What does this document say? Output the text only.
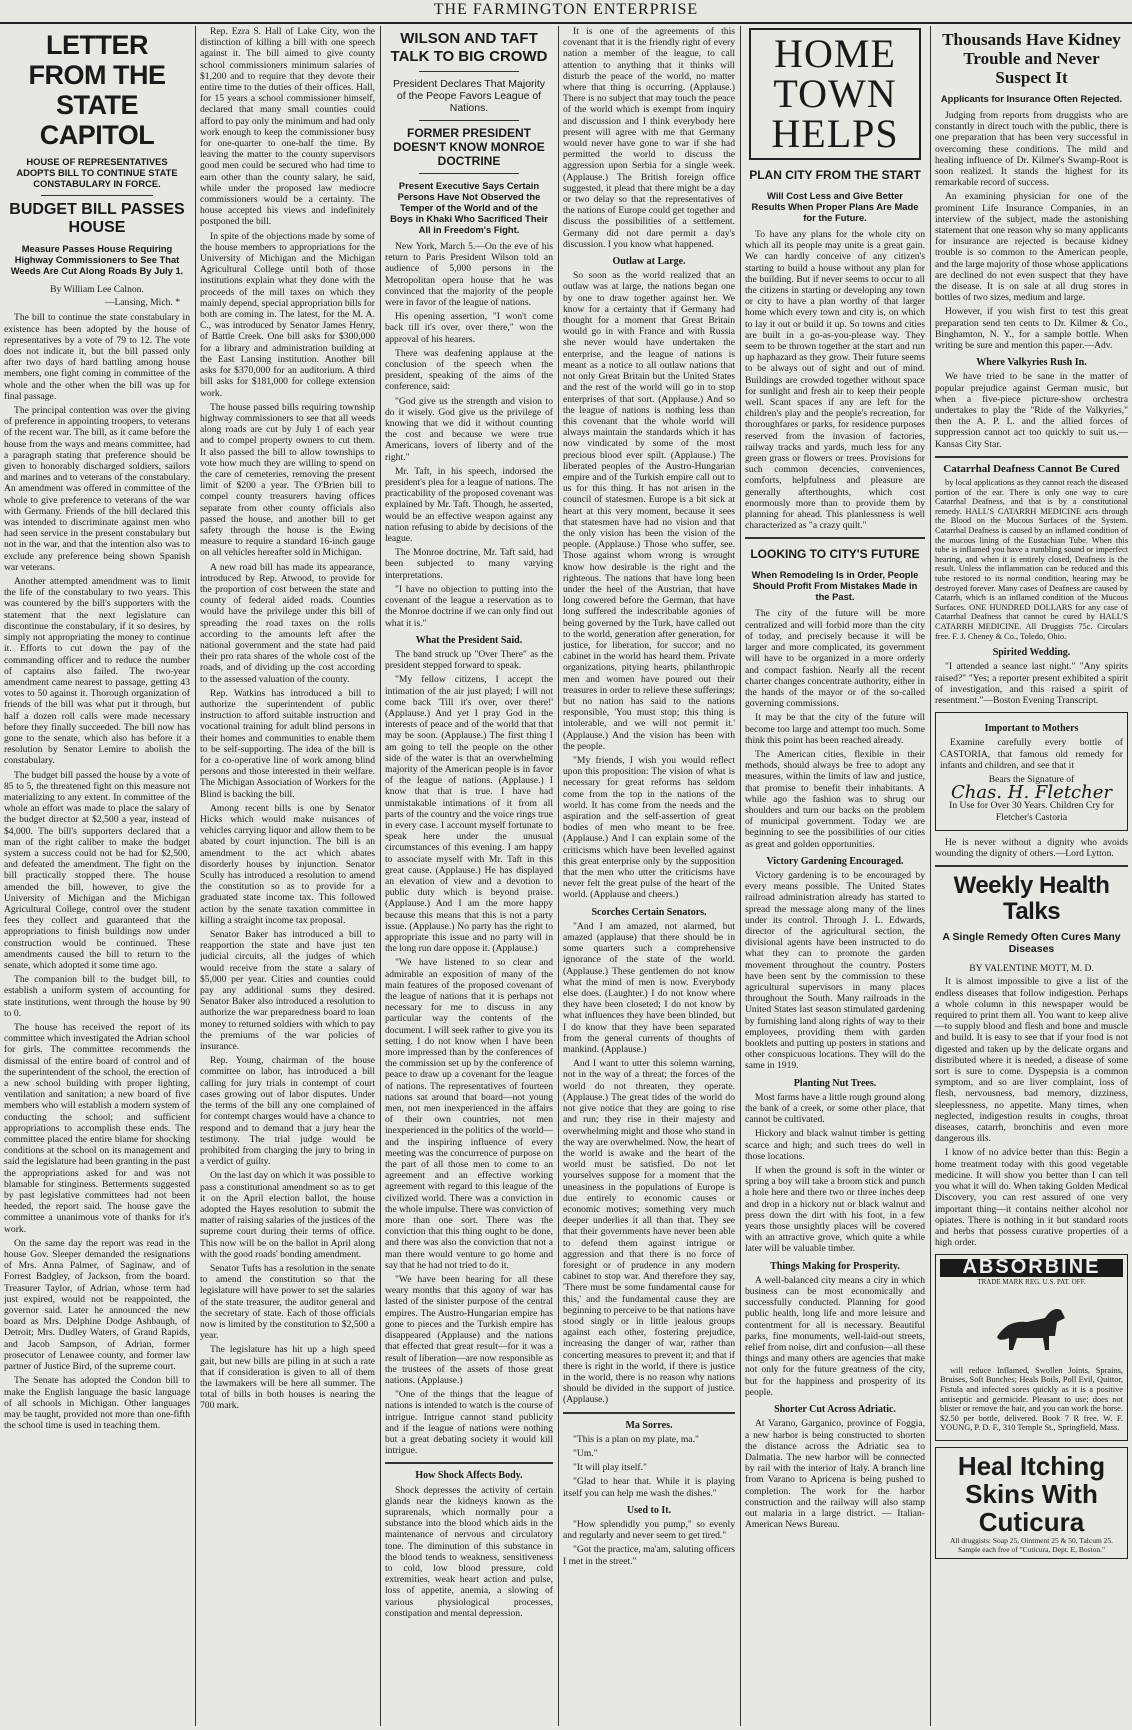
THE FARMINGTON ENTERPRISE
LETTER FROM THE STATE CAPITOL
HOUSE OF REPRESENTATIVES ADOPTS BILL TO CONTINUE STATE CONSTABULARY IN FORCE.
BUDGET BILL PASSES HOUSE
Measure Passes House Requiring Highway Commissioners to See That Weeds Are Cut Along Roads By July 1.
By William Lee Calnon.
—Lansing, Mich. *

The bill to continue the state constabulary in existence has been adopted by the house of representatives by a vote of 79 to 12. The vote does not indicate it, but the bill passed only after two days of hard battling among house members, one fight coming in committee of the whole and the other when the bill was up for final passage.

The principal contention was over the giving of preference in appointing troopers, to veterans of the recent war. The bill, as it came before the house from the ways and means committee, had a paragraph stating that preference should be given to honorably discharged soldiers, sailors and marines and to veterans of the constabulary. An amendment was offered in committee of the whole to give preference to veterans of the war with Germany. Friends of the bill declared this was intended to discriminate against men who had seen service in the present constabulary but not in the war, and that the intention also was to exclude any preference being shown Spanish war veterans.

Another attempted amendment was to limit the life of the constabulary to two years. This was countered by the bill's supporters with the statement that the next legislature can discontinue the constabulary, if it so desires, by simply not appropriating the money to continue it. Efforts to cut down the pay of the commanding officer and to reduce the number of captains also failed. The two-year amendment came nearest to passage, getting 43 votes to 50 against it. Thorough organization of friends of the bill was what put it through, but half a dozen roll calls were made necessary before they finally succeeded. The bill now has gone to the senate, which also has before it a resolution by Senator Lemire to abolish the constabulary.

The budget bill passed the house by a vote of 85 to 5, the threatened fight on this measure not materializing to any extent. In committee of the whole an effort was made to place the salary of the budget director at $2,500 a year, instead of $4,000. The bill's supporters declared that a man of the right caliber to make the budget system a success could not be had for $2,500, and defeated the amendment. The fight on the bill practically stopped there. The house amended the bill, however, to give the University of Michigan and the Michigan Agricultural College, control over the student fees they collect and guaranteed that the appropriations to finish buildings now under construction would be continued. These amendments caused the bill to return to the senate, which adopted it some time ago.

The companion bill to the budget bill, to establish a uniform system of accounting for state institutions, went through the house by 90 to 0.

The house has received the report of its committee which investigated the Adrian school for girls. The committee recommends the dismissal of the entire board of control and of the superintendent of the school, the erection of a new school building with proper lighting, ventilation and sanitation; a new board of five members who will establish a modern system of conducting the school; and sufficient appropriations to accomplish these ends. The committee placed the entire blame for shocking conditions at the school on its management and said the legislature had been granting in the past the appropriations asked for and was not blamable for stinginess. Betterments suggested by past legislative committees had not been heeded, the report said. The house gave the committee a unanimous vote of thanks for it's work.

On the same day the report was read in the house Gov. Sleeper demanded the resignations of Mrs. Anna Palmer, of Saginaw, and of Forrest Badgley, of Jackson, from the board. Treasurer Taylor, of Adrian, whose term had just expired, would not be reappointed, the governor said. Later he announced the new board as Mrs. Delphine Dodge Ashbaugh, of Detroit; Mrs. Dudley Waters, of Grand Rapids, and Jacob Sampson, of Adrian, former prosecutor of Lenawee county, and former law partner of Justice Bird, of the supreme court.

The Senate has adopted the Condon bill to make the English language the basic language of all schools in Michigan. Other languages may be taught, provided not more than one-fifth the school time is used in teaching them.

Rep. Ezra S. Hall of Lake City, won the distinction of killing a bill with one speech against it. The bill aimed to give county school commissioners minimum salaries of $1,200 and to require that they devote their entire time to the duties of their offices. Hall, for 15 years a school commissioner himself, declared that many small counties could afford to pay only the minimum and had only work enough to keep the commissioner busy for one-quarter to one-half the time. By leaving the matter to the county supervisors good men could be secured who had time to earn other than the county salary, he said, while under the proposed law mediocre commissioners would be a certainty. The house accepted his views and indefinitely postponed the bill.

In spite of the objections made by some of the house members to appropriations for the University of Michigan and the Michigan Agricultural College until both of those institutions explain what they done with the proceeds of the mill taxes on which they mainly depend, special appropriation bills for both are coming in. The latest, for the M. A. C., was introduced by Senator James Henry, of Battle Creek. One bill asks for $300,000 for a library and administration building at the East Lansing institution. Another bill asks for $370,000 for an auditorium. A third bill asks for $181,000 for college extension work.

The house passed bills requiring township highway commissioners to see that all weeds along roads are cut by July 1 of each year and to compel property owners to cut them. It also passed the bill to allow townships to vote how much they are willing to spend on the care of cemeteries, removing the present limit of $200 a year. The O'Brien bill to compel county treasurers having offices separate from other county officials also passed the house, and another bill to get safety through the house is the Ewing measure to require a standard 16-inch gauge on all vehicles hereafter sold in Michigan.

A new road bill has made its appearance, introduced by Rep. Atwood, to provide for the proportion of cost between the state and county of federal aided roads. Counties would have the privilege under this bill of spreading the road taxes on the rolls according to the amounts left after the national government and the state had paid their pro rata shares of the whole cost of the roads, and of dividing up the cost according to the assessed valuation of the county.

Rep. Watkins has introduced a bill to authorize the superintendent of public instruction to afford suitable instruction and vocational training for adult blind persons in their homes and communities to enable them to be self-supporting. The idea of the bill is for a co-operative line of work among blind persons and those interested in their welfare. The Michigan Association of Workers for the Blind is backing the bill.

Among recent bills is one by Senator Hicks which would make nuisances of vehicles carrying liquor and allow them to be abated by court injunction. The bill is an amendment to the act which abates disorderly houses by injunction. Senator Scully has introduced a resolution to amend the constitution so as to provide for a graduated state income tax. This followed action by the senate taxation committee in killing a straight income tax proposal.

Senator Baker has introduced a bill to reapportion the state and have just ten judicial circuits, all the judges of which would receive from the state a salary of $5,000 per year. Cities and counties could pay any additional sums they desired. Senator Baker also introduced a resolution to authorize the war preparedness board to loan money to returned soldiers with which to pay the premiums of the war policies of insurance.

Rep. Young, chairman of the house committee on labor, has introduced a bill calling for jury trials in contempt of court cases growing out of labor disputes. Under the terms of the bill any one complained of for contempt charges would have a chance to respond and to demand that a jury hear the testimony. The trial judge would be prohibited from charging the jury to bring in a verdict of guilty.

On the last day on which it was possible to pass a constitutional amendment so as to get it on the April election ballot, the house adopted the Hayes resolution to submit the matter of raising salaries of the justices of the supreme court during their terms of office. This now will be on the ballot in April along with the good roads' bonding amendment.

Senator Tufts has a resolution in the senate to amend the constitution so that the legislature will have power to set the salaries of the state treasurer, the auditor general and the secretary of state. Each of those officials now is limited by the constitution to $2,500 a year.

The legislature has hit up a high speed gait, but new bills are piling in at such a rate that if consideration is given to all of them the lawmakers will be here all summer. The total of bills in both houses is nearing the 700 mark.

WILSON AND TAFT TALK TO BIG CROWD
President Declares That Majority of the Peope Favors League of Nations.
FORMER PRESIDENT DOESN'T KNOW MONROE DOCTRINE
Present Executive Says Certain Persons Have Not Observed the Temper of the World and of the Boys in Khaki Who Sacrificed Their All in Freedom's Fight.

New York, March 5.—On the eve of his return to Paris President Wilson told an audience of 5,000 persons in the Metropolitan opera house that he was convinced that the majority of the people were in favor of the league of nations.

His opening assertion, "I won't come back till it's over, over there," won the approval of his hearers.

There was deafening applause at the conclusion of the speech when the president, speaking of the aims of the conference, said:

"God give us the strength and vision to do it wisely. God give us the privilege of knowing that we did it without counting the cost and because we were true Americans, lovers of liberty and of the right."

Mr. Taft, in his speech, indorsed the president's plea for a league of nations. The practicability of the proposed covenant was explained by Mr. Taft. Though, he asserted, would be an effective weapon against any nation refusing to abide by decisions of the league.

The Monroe doctrine, Mr. Taft said, had been subjected to many varying interpretations.

"I have no objection to putting into the covenant of the league a reservation as to the Monroe doctrine if we can only find out what it is."

What the President Said.

The band struck up "Over There" as the president stepped forward to speak.

"My fellow citizens, I accept the intimation of the air just played; I will not come back 'Till it's over, over there!' (Applause.) And yet I pray God in the interests of peace and of the world that that may be soon. (Applause.) The first thing I am going to tell the people on the other side of the water is that an overwhelming majority of the American people is in favor of the league of nations. (Applause.) I know that that is true. I have had unmistakable intimations of it from all parts of the country and the voice rings true in every case. I account myself fortunate to speak here under the unusual circumstances of this evening. I am happy to associate myself with Mr. Taft in this great cause. (Applause.) He has displayed an elevation of view and a devotion to public duty which is beyond praise. (Applause.) And I am the more happy because this means that this is not a party issue. (Applause.) No party has the right to appropriate this issue and no party will in the long run dare oppose it. (Applause.)

"We have listened to so clear and admirable an exposition of many of the main features of the proposed covenant of the league of nations that it is perhaps not necessary for me to discuss in any particular way the contents of the document. I will seek rather to give you its setting. I do not know when I have been more impressed than by the conferences of the commission set up by the conference of peace to draw up a covenant for the league of nations. The representatives of fourteen nations sat around that board—not young men, not men inexperienced in the affairs of their own countries, not men inexperienced in the politics of the world—and the inspiring influence of every meeting was the concurrence of purpose on the part of all those men to come to an agreement and an effective working agreement with regard to this league of the civilized world. There was a conviction in the whole impulse. There was conviction of more than one sort. There was the conviction that this thing ought to be done, and there was also the conviction that not a man there would venture to go home and say that he had not tried to do it.

"We have been hearing for all these weary months that this agony of war has lasted of the sinister purpose of the central empires. The Austro-Hungarian empire has gone to pieces and the Turkish empire has disappeared (Applause) and the nations that effected that great result—for it was a result of liberation—are now responsible as the trustees of the assets of those great nations. (Applause.)

"One of the things that the league of nations is intended to watch is the course of intrigue. Intrigue cannot stand publicity and if the league of nations were nothing but a great debating society it would kill intrigue.

How Shock Affects Body.

Shock depresses the activity of certain glands near the kidneys known as the suprarenals, which normally pour a substance into the blood which aids in the maintenance of nervous and circulatory tone. The diminution of this substance in the blood tends to weakness, sensitiveness to cold, low blood pressure, cold extremities, weak heart action and pulse, loss of appetite, anemia, a slowing of various physiological processes, constipation and mental depression.

It is one of the agreements of this covenant that it is the friendly right of every nation a member of the league, to call attention to anything that it thinks will disturb the peace of the world, no matter where that thing is occurring. (Applause.) There is no subject that may touch the peace of the world which is exempt from inquiry and discussion and I think everybody here present will agree with me that Germany would never have gone to war if she had permitted the world to discuss the aggression upon Serbia for a single week. (Applause.) The British foreign office suggested, it plead that there might be a day or two delay so that the representatives of the nations of Europe could get together and discuss the possibilities of a settlement. Germany did not dare permit a day's discussion. I you know what happened.

Outlaw at Large.

So soon as the world realized that an outlaw was at large, the nations began one by one to draw together against her. We know for a certainty that if Germany had thought for a moment that Great Britain would go in with France and with Russia she never would have undertaken the enterprise, and the league of nations is meant as a notice to all outlaw nations that not only Great Britain but the United States and the rest of the world will go in to stop enterprises of that sort. (Applause.) And so the league of nations is nothing less than this covenant that the whole world will always maintain the standards which it has now vindicated by some of the most precious blood ever spilt. (Applause.) The liberated peoples of the Austro-Hungarian empire and of the Turkish empire call out to us for this thing. It has not arisen in the council of statesmen. Europe is a bit sick at heart at this very moment, because it sees that statesmen have had no vision and that the only vision has been the vision of the people. (Applause.) Those who suffer, see. Those against whom wrong is wrought know how desirable is the right and the righteous. The nations that have long been under the heel of the Austrian, that have long cowered before the German, that have long suffered the indescribable agonies of being governed by the Turk, have called out to the world, generation after generation, for justice, for liberation, for succor; and no cabinet in the world has heard them. Private organizations, pitying hearts, philanthropic men and women have poured out their treasures in order to relieve these sufferings; but no nation has said to the nations responsible, 'You must stop; this thing is intolerable, and we will not permit it.' (Applause.) And the vision has been with the people.

"My friends, I wish you would reflect upon this proposition: The vision of what is necessary for great reforms has seldom come from the top in the nations of the world. It has come from the needs and the aspiration and the self-assertion of great bodies of men who meant to be free. (Applause.) And I can explain some of the criticisms which have been levelled against this great enterprise only by the supposition that the men who utter the criticisms have never felt the great pulse of the heart of the world. (Applause and cheers.)

Scorches Certain Senators.

"And I am amazed, not alarmed, but amazed (applause) that there should be in some quarters such a comprehensive ignorance of the state of the world. (Applause.) These gentlemen do not know what the mind of men is now. Everybody else does. (Laughter.) I do not know where they have been closeted; I do not know by what influences they have been blinded, but I do know that they have been separated from the general currents of thoughts of mankind. (Applause.)

And I want to utter this solemn warning, not in the way of a threat; the forces of the world do not threaten, they operate. (Applause.) The great tides of the world do not give notice that they are going to rise and run; they rise in their majesty and overwhelming might and those who stand in the way are overwhelmed. Now, the heart of the world is awake and the heart of the world must be satisfied. Do not let yourselves suppose for a moment that the uneasiness in the populations of Europe is due entirely to economic causes or economic motives; something very much deeper underlies it all than that. They see that their governments have never been able to defend them against intrigue or aggression and that there is no force of foresight or of prudence in any modern cabinet to stop war. And therefore they say, 'There must be some fundamental cause for this,' and the fundamental cause they are beginning to perceive to be that nations have stood singly or in little jealous groups against each other, fostering prejudice, increasing the danger of war, rather than concerting measures to prevent it; and that if there is right in the world, if there is justice in the world, there is no reason why nations should be divided in the support of justice. (Applause.)

Ma Sorres.

"This is a plan on my plate, ma."

"Um."

"It will play itself."

"Glad to hear that. While it is playing itself you can help me wash the dishes."

Used to It.

"How splendidly you pump," so evenly and regularly and never seem to get tired."

"Got the practice, ma'am, saluting officers I met in the street."

HOME TOWN HELPS
PLAN CITY FROM THE START
Will Cost Less and Give Better Results When Proper Plans Are Made for the Future.

To have any plans for the whole city on which all its people may unite is a great gain. We can hardly conceive of any citizen's starting to build a house without any plan for the building. But if never seems to occur to all the citizens in starting or developing any town or city to have a plan worthy of that larger home which every town and city is, on which to lay it out or build it up. So towns and cities are built in a go-as-you-please way. They seem to be thrown together at the start and run up haphazard as they grow. Their future seems to be always out of sight and out of mind. Buildings are crowded together without space for sunlight and fresh air to keep their people well. Scant spaces if any are left for the children's play and the people's recreation, for thoroughfares or parks, for residence purposes reserved from the invasion of factories, railway tracks and yards, much less for any green grass or flowers or trees. Provisions for such common decencies, conveniences, comforts, helpfulness and pleasure are generally afterthoughts, which cost enormously more than to provide them by planning for ahead. This planlessness is well characterized as "a crazy quilt."

LOOKING TO CITY'S FUTURE
When Remodeling Is in Order, People Should Profit From Mistakes Made in the Past.

The city of the future will be more centralized and will forbid more than the city of today, and precisely because it will be larger and more complicated, its government will have to be organized in a more orderly and compact fashion. Nearly all the recent charter changes concentrate authority, either in the hands of the mayor or of the so-called governing commissions.

It may be that the city of the future will become too large and attempt too much. Some think this point has been reached already.

The American cities, flexible in their methods, should always be free to adopt any measures, within the limits of law and justice, that promise to benefit their inhabitants. A while ago the fashion was to shrug our shoulders and turn our backs on the problem of municipal government. Today we are beginning to see the possibilities of our cities as great and golden opportunities.

Victory Gardening Encouraged.

Victory gardening is to be encouraged by every means possible. The United States railroad administration already has started to spread the message along many of the lines under its control. Through J. L. Edwards, director of the agricultural section, the divisional agents have been instructed to do what they can to promote the garden movement throughout the country. Posters have been sent by the commission to these agricultural supervisors in many places throughout the South. Many railroads in the United States last season stimulated gardening by furnishing land along rights of way to their employees, providing them with garden booklets and putting up posters in stations and other conspicuous locations. They will do the same in 1919.

Planting Nut Trees.

Most farms have a little rough ground along the bank of a creek, or some other place, that cannot be cultivated.

Hickory and black walnut timber is getting scarce and high; and such trees do well in those locations.

If when the ground is soft in the winter or spring a boy will take a broom stick and punch a hole here and there two or three inches deep and drop in a hickory nut or black walnut and press down the dirt with his foot, in a few years those unsightly places will be covered with an attractive grove, which quite a while later will be valuable timber.

Things Making for Prosperity.

A well-balanced city means a city in which business can be most economically and successfully conducted. Planning for good public health, long life and more leisure and contentment for all is necessary. Beautiful parks, fine monuments, well-laid-out streets, relief from noise, dirt and confusion—all these things and many others are agencies that make not only for the future greatness of the city, but for the happiness and prosperity of its people.

Shorter Cut Across Adriatic.

At Varano, Garganico, province of Foggia, a new harbor is being constructed to shorten the distance across the Adriatic sea to Dalmatia. The new harbor will be connected by rail with the interior of Italy. A branch line from Varano to Apricena is being pushed to completion. The work for the harbor construction and the railway will also stamp out malaria in a large district. — Italian-American News Bureau.

Thousands Have Kidney Trouble and Never Suspect It
Applicants for Insurance Often Rejected.

Judging from reports from druggists who are constantly in direct touch with the public, there is one preparation that has been very successful in overcoming these conditions. The mild and healing influence of Dr. Kilmer's Swamp-Root is soon realized. It stands the highest for its remarkable record of success.

An examining physician for one of the prominent Life Insurance Companies, in an interview of the subject, made the astonishing statement that one reason why so many applicants for insurance are rejected is because kidney trouble is so common to the American people, and the large majority of those whose applications are declined do not even suspect that they have the disease. It is on sale at all drug stores in bottles of two sizes, medium and large.

However, if you wish first to test this great preparation send ten cents to Dr. Kilmer & Co., Binghamton, N. Y., for a sample bottle. When writing be sure and mention this paper.—Adv.

Where Valkyries Rush In.

We have tried to be sane in the matter of popular prejudice against German music, but when a five-piece picture-show orchestra undertakes to play the "Ride of the Valkyries," then the A. P. L. and the allied forces of suppression cannot act too quickly to suit us.—Kansas City Star.

Catarrhal Deafness Cannot Be Cured

by local applications as they cannot reach the diseased portion of the ear. There is only one way to cure Catarrhal Deafness, and that is by a constitutional remedy. HALL'S CATARRH MEDICINE acts through the Blood on the Mucous Surfaces of the System. Catarrhal Deafness is caused by an inflamed condition of the mucous lining of the Eustachian Tube. When this tube is inflamed you have a rumbling sound or imperfect hearing, and when it is entirely closed, Deafness is the result. Unless the inflammation can be reduced and this tube restored to its normal condition, hearing may be destroyed forever. Many cases of Deafness are caused by Catarrh, which is an inflamed condition of the Mucous Surfaces. ONE HUNDRED DOLLARS for any case of Catarrhal Deafness that cannot be cured by HALL'S CATARRH MEDICINE. All Druggists 75c. Circulars free. F. J. Cheney & Co., Toledo, Ohio.

Spirited Wedding.

"I attended a seance last night." "Any spirits raised?" "Yes; a reporter present exhibited a spirit of investigation, and this raised a spirit of resentment."—Boston Evening Transcript.

Important to Mothers

Examine carefully every bottle of CASTORIA, that famous old remedy for infants and children, and see that it

Bears the Signature of
Chas. H. Fletcher

In Use for Over 30 Years. Children Cry for Fletcher's Castoria

He is never without a dignity who avoids wounding the dignity of others.—Lord Lytton.

Weekly Health Talks
A Single Remedy Often Cures Many Diseases
BY VALENTINE MOTT, M. D.

It is almost impossible to give a list of the endless diseases that follow indigestion. Perhaps a whole column in this newspaper would be required to print them all. You want to keep alive—to supply blood and flesh and bone and muscle and build. It is easy to see that if your food is not digested and taken up by the delicate organs and distributed where it is needed, a disease of some sort is sure to come. Dyspepsia is a common symptom, and so are liver complaint, loss of flesh, nervousness, bad memory, dizziness, sleeplessness, no appetite. Many times, when neglected, indigestion results in coughs, throat diseases, catarrh, bronchitis and even more dangerous ills.

I know of no advice better than this: Begin a home treatment today with this good vegetable medicine. It will show you better than I can tell you what it will do. When taking Golden Medical Discovery, you can rest assured of one very important thing—it contains neither alcohol nor opiates. There is nothing in it but standard roots and herbs that possess curative properties of a high order.

ABSORBINE
TRADE MARK REG. U.S. PAT. OFF.

will reduce Inflamed, Swollen Joints, Sprains, Bruises, Soft Bunches; Heals Boils, Poll Evil, Quittor, Fistula and infected sores quickly as it is a positive antiseptic and germicide. Pleasant to use; does not blister or remove the hair, and you can work the horse. $2.50 per bottle, delivered. Book 7 R free. W. F. YOUNG, P. D. F., 310 Temple St., Springfield, Mass.

Heal Itching Skins With Cuticura
All druggists: Soap 25, Ointment 25 & 50, Talcum 25. Sample each free of "Cuticura, Dept. E, Boston."
